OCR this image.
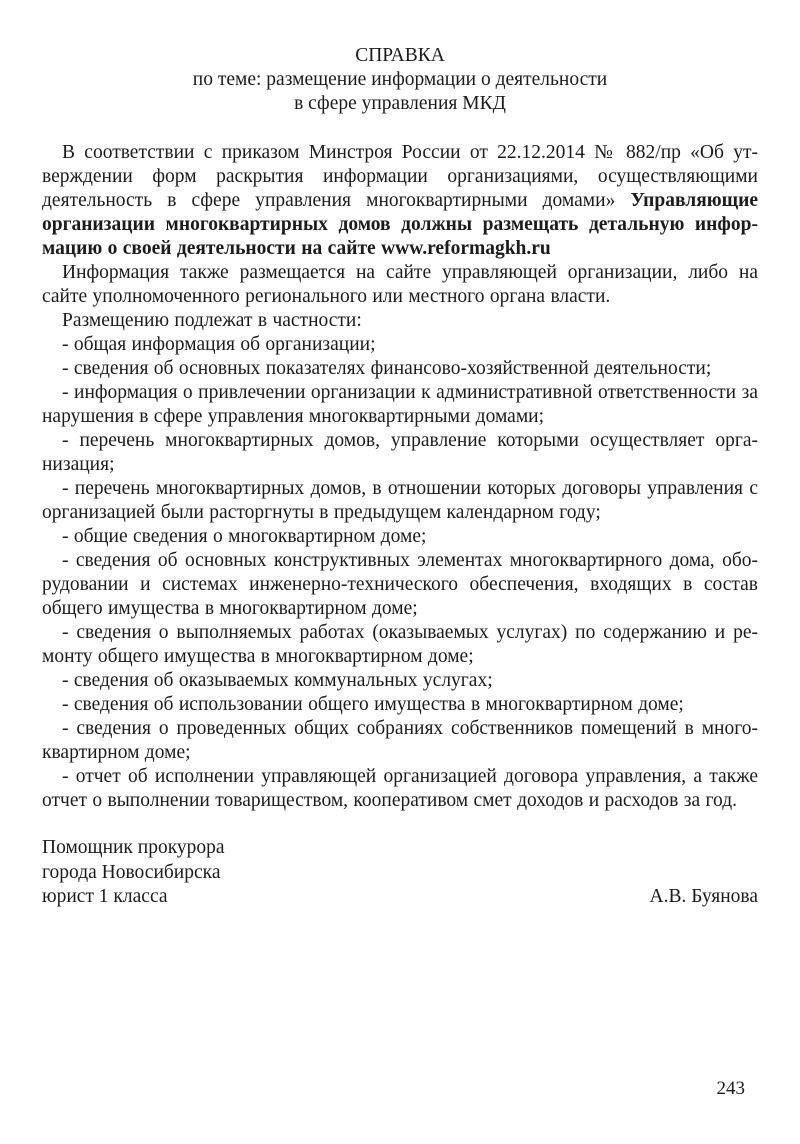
СПРАВКА
по теме: размещение информации о деятельности
в сфере управления МКД

В соответствии с приказом Минстроя России от 22.12.2014 № 882/пр «Об утверждении форм раскрытия информации организациями, осуществляющими деятельность в сфере управления многоквартирными домами» Управляющие организации многоквартирных домов должны размещать детальную информацию о своей деятельности на сайте www.reformagkh.ru

Информация также размещается на сайте управляющей организации, либо на сайте уполномоченного регионального или местного органа власти.

Размещению подлежат в частности:

- общая информация об организации;

- сведения об основных показателях финансово-хозяйственной деятельности;

- информация о привлечении организации к административной ответственности за нарушения в сфере управления многоквартирными домами;

- перечень многоквартирных домов, управление которыми осуществляет организация;

- перечень многоквартирных домов, в отношении которых договоры управления с организацией были расторгнуты в предыдущем календарном году;

- общие сведения о многоквартирном доме;

- сведения об основных конструктивных элементах многоквартирного дома, оборудовании и системах инженерно-технического обеспечения, входящих в состав общего имущества в многоквартирном доме;

- сведения о выполняемых работах (оказываемых услугах) по содержанию и ремонту общего имущества в многоквартирном доме;

- сведения об оказываемых коммунальных услугах;

- сведения об использовании общего имущества в многоквартирном доме;

- сведения о проведенных общих собраниях собственников помещений в многоквартирном доме;

- отчет об исполнении управляющей организацией договора управления, а также отчет о выполнении товариществом, кооперативом смет доходов и расходов за год.

Помощник прокурора
города Новосибирска
юрист 1 класса	А.В. Буянова
243
